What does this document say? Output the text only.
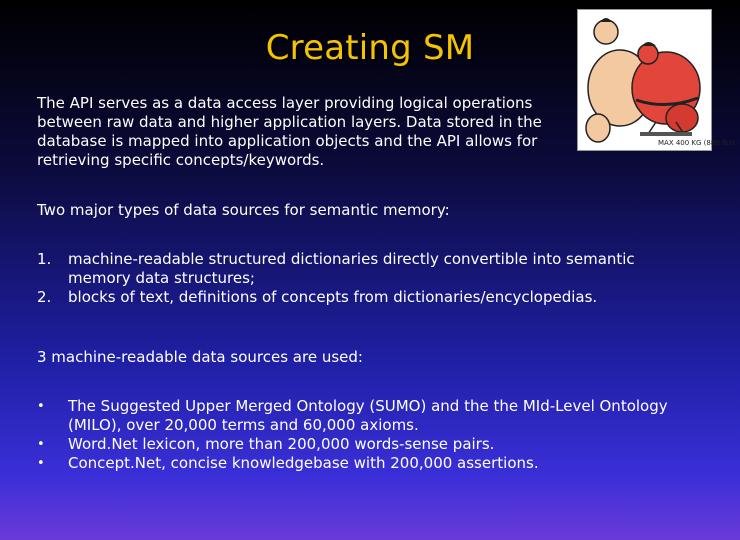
Creating SM
MAX 400 KG (880 lbs)
The API serves as a data access layer providing logical operations between raw data and higher application layers. Data stored in the database is mapped into application objects and the API allows for retrieving specific concepts/keywords.
Two major types of data sources for semantic memory:
1.	machine-readable structured dictionaries directly convertible into semantic memory data structures;
2.	blocks of text, definitions of concepts from dictionaries/encyclopedias.
3 machine-readable data sources are used:
•	The Suggested Upper Merged Ontology (SUMO) and the the MId-Level Ontology (MILO), over 20,000 terms and 60,000 axioms.
•	Word.Net lexicon, more than 200,000 words-sense pairs.
•	Concept.Net, concise knowledgebase with 200,000 assertions.
